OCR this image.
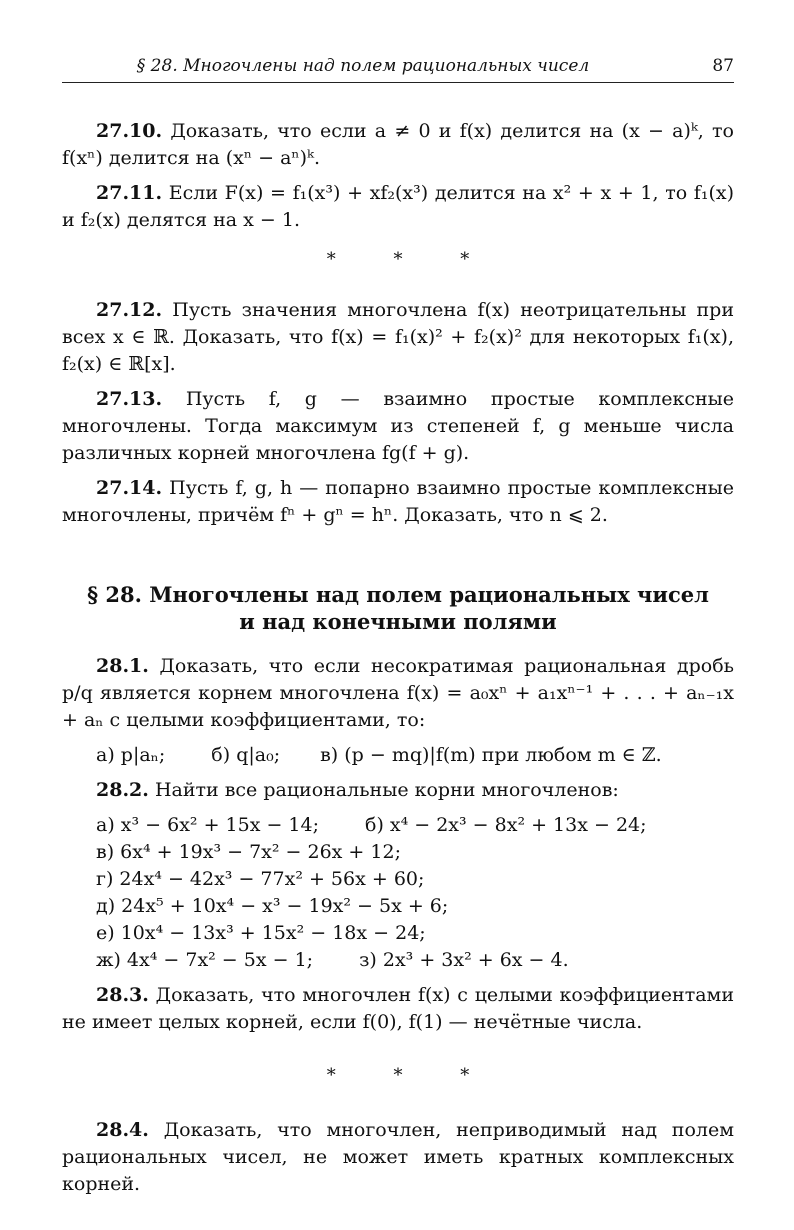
§ 28. Многочлены над полем рациональных чисел	87

27.10. Доказать, что если a ≠ 0 и f(x) делится на (x − a)ᵏ, то f(xⁿ) делится на (xⁿ − aⁿ)ᵏ.

27.11. Если F(x) = f₁(x³) + xf₂(x³) делится на x² + x + 1, то f₁(x) и f₂(x) делятся на x − 1.

* * *

27.12. Пусть значения многочлена f(x) неотрицательны при всех x ∈ ℝ. Доказать, что f(x) = f₁(x)² + f₂(x)² для некоторых f₁(x), f₂(x) ∈ ℝ[x].

27.13. Пусть f, g — взаимно простые комплексные многочлены. Тогда максимум из степеней f, g меньше числа различных корней многочлена fg(f + g).

27.14. Пусть f, g, h — попарно взаимно простые комплексные многочлены, причём fⁿ + gⁿ = hⁿ. Доказать, что n ⩽ 2.

§ 28. Многочлены над полем рациональных чисел
и над конечными полями

28.1. Доказать, что если несократимая рациональная дробь p/q является корнем многочлена f(x) = a₀xⁿ + a₁xⁿ⁻¹ + . . . + aₙ₋₁x + aₙ с целыми коэффициентами, то:

а) p|aₙ; б) q|a₀; в) (p − mq)|f(m) при любом m ∈ ℤ.

28.2. Найти все рациональные корни многочленов:

а) x³ − 6x² + 15x − 14; б) x⁴ − 2x³ − 8x² + 13x − 24;
в) 6x⁴ + 19x³ − 7x² − 26x + 12;
г) 24x⁴ − 42x³ − 77x² + 56x + 60;
д) 24x⁵ + 10x⁴ − x³ − 19x² − 5x + 6;
е) 10x⁴ − 13x³ + 15x² − 18x − 24;
ж) 4x⁴ − 7x² − 5x − 1; з) 2x³ + 3x² + 6x − 4.

28.3. Доказать, что многочлен f(x) с целыми коэффициентами не имеет целых корней, если f(0), f(1) — нечётные числа.

* * *

28.4. Доказать, что многочлен, неприводимый над полем рациональных чисел, не может иметь кратных комплексных корней.
